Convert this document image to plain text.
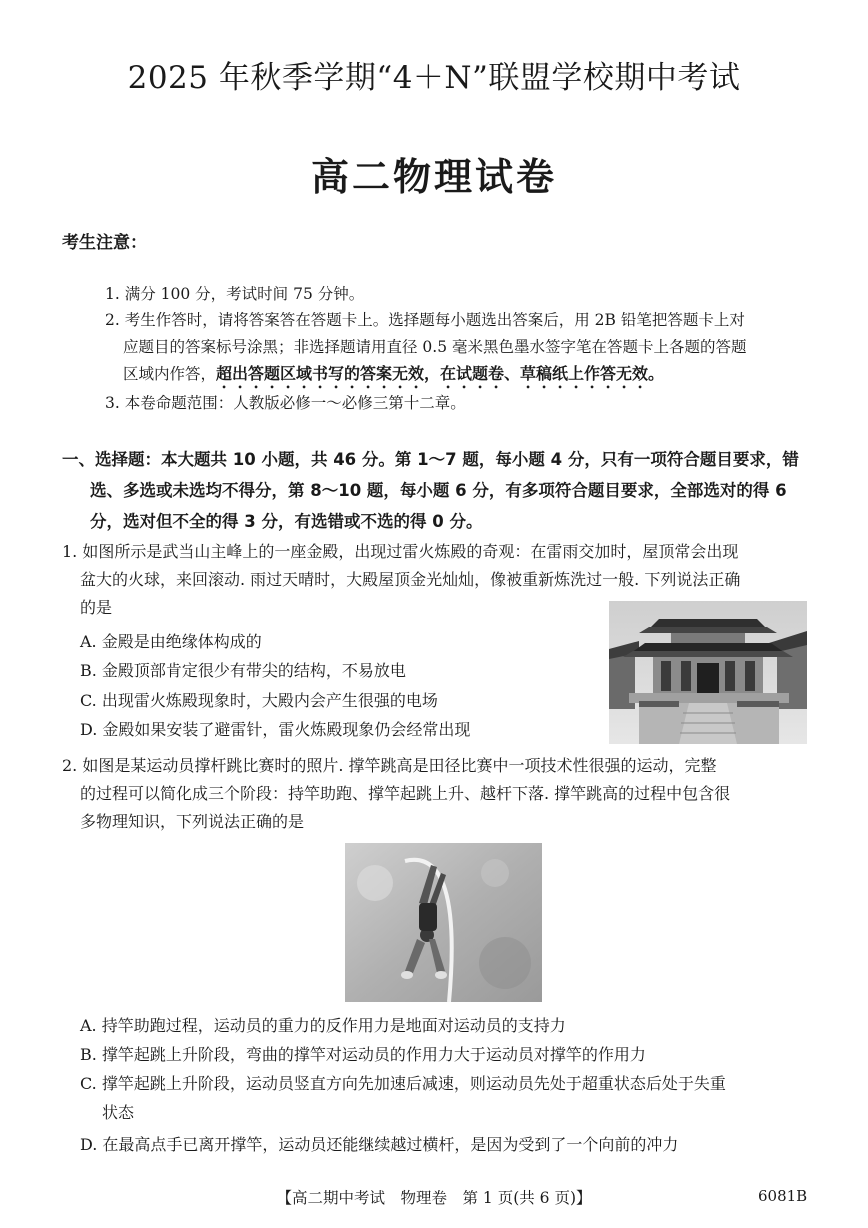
2025 年秋季学期“4＋N”联盟学校期中考试
高二物理试卷
考生注意：
1. 满分 100 分，考试时间 75 分钟。
2. 考生作答时，请将答案答在答题卡上。选择题每小题选出答案后，用 2B 铅笔把答题卡上对
应题目的答案标号涂黑；非选择题请用直径 0.5 毫米黑色墨水签字笔在答题卡上各题的答题
区域内作答，超出答题区域书写的答案无效，在试题卷、草稿纸上作答无效。
3. 本卷命题范围：人教版必修一～必修三第十二章。
一、选择题：本大题共 10 小题，共 46 分。第 1～7 题，每小题 4 分，只有一项符合题目要求，错
选、多选或未选均不得分，第 8～10 题，每小题 6 分，有多项符合题目要求，全部选对的得 6
分，选对但不全的得 3 分，有选错或不选的得 0 分。
1. 如图所示是武当山主峰上的一座金殿，出现过雷火炼殿的奇观：在雷雨交加时，屋顶常会出现
盆大的火球，来回滚动. 雨过天晴时，大殿屋顶金光灿灿，像被重新炼洗过一般. 下列说法正确
的是
A. 金殿是由绝缘体构成的
B. 金殿顶部肯定很少有带尖的结构，不易放电
C. 出现雷火炼殿现象时，大殿内会产生很强的电场
D. 金殿如果安装了避雷针，雷火炼殿现象仍会经常出现
2. 如图是某运动员撑杆跳比赛时的照片. 撑竿跳高是田径比赛中一项技术性很强的运动，完整
的过程可以简化成三个阶段：持竿助跑、撑竿起跳上升、越杆下落. 撑竿跳高的过程中包含很
多物理知识，下列说法正确的是
A. 持竿助跑过程，运动员的重力的反作用力是地面对运动员的支持力
B. 撑竿起跳上升阶段，弯曲的撑竿对运动员的作用力大于运动员对撑竿的作用力
C. 撑竿起跳上升阶段，运动员竖直方向先加速后减速，则运动员先处于超重状态后处于失重
状态
D. 在最高点手已离开撑竿，运动员还能继续越过横杆，是因为受到了一个向前的冲力
【高二期中考试　物理卷　第 1 页(共 6 页)】	6081B
